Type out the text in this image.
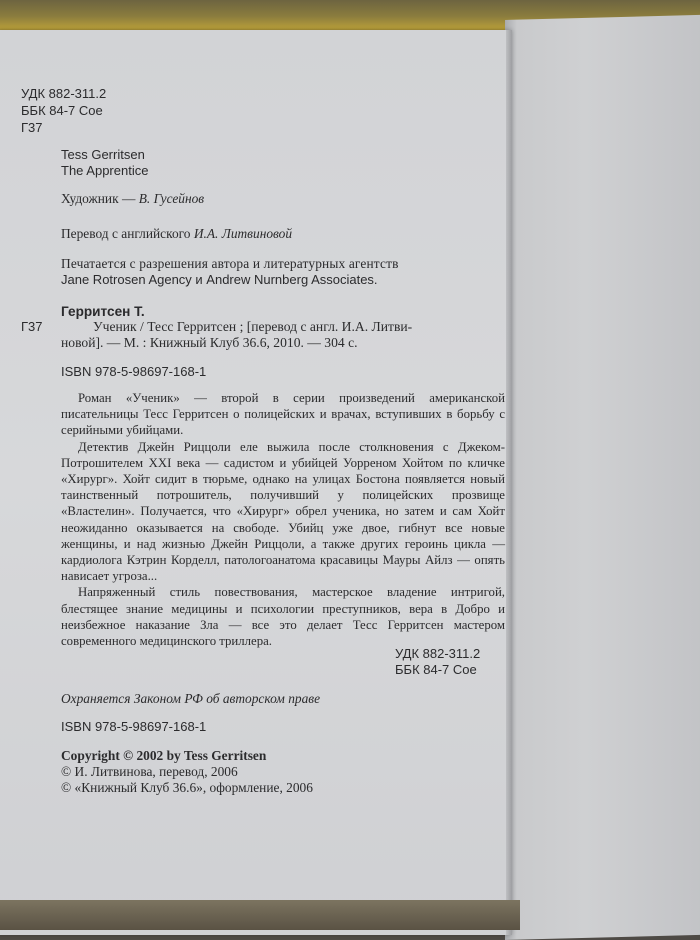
УДК 882-311.2
ББК 84-7 Сое
Г37
Tess Gerritsen
The Apprentice
Художник — В. Гусейнов
Перевод с английского И.А. Литвиновой
Печатается с разрешения автора и литературных агентств
Jane Rotrosen Agency и Andrew Nurnberg Associates.
Герритсен Т.
Г37	Ученик / Тесс Герритсен ; [перевод с англ. И.А. Литви-
новой]. — М. : Книжный Клуб 36.6, 2010. — 304 с.
ISBN 978-5-98697-168-1

Роман «Ученик» — второй в серии произведений американской писательницы Тесс Герритсен о полицейских и врачах, вступивших в борьбу с серийными убийцами.

Детектив Джейн Риццоли еле выжила после столкновения с Джеком-Потрошителем XXI века — садистом и убийцей Уорреном Хойтом по кличке «Хирург». Хойт сидит в тюрьме, однако на улицах Бостона появляется новый таинственный потрошитель, получивший у полицейских прозвище «Властелин». Получается, что «Хирург» обрел ученика, но затем и сам Хойт неожиданно оказывается на свободе. Убийц уже двое, гибнут все новые женщины, и над жизнью Джейн Риццоли, а также других героинь цикла — кардиолога Кэтрин Корделл, патологоанатома красавицы Мауры Айлз — опять нависает угроза...

Напряженный стиль повествования, мастерское владение интригой, блестящее знание медицины и психологии преступников, вера в Добро и неизбежное наказание Зла — все это делает Тесс Герритсен мастером современного медицинского триллера.

УДК 882-311.2
ББК 84-7 Сое
Охраняется Законом РФ об авторском праве
ISBN 978-5-98697-168-1
Copyright © 2002 by Tess Gerritsen
© И. Литвинова, перевод, 2006
© «Книжный Клуб 36.6», оформление, 2006
